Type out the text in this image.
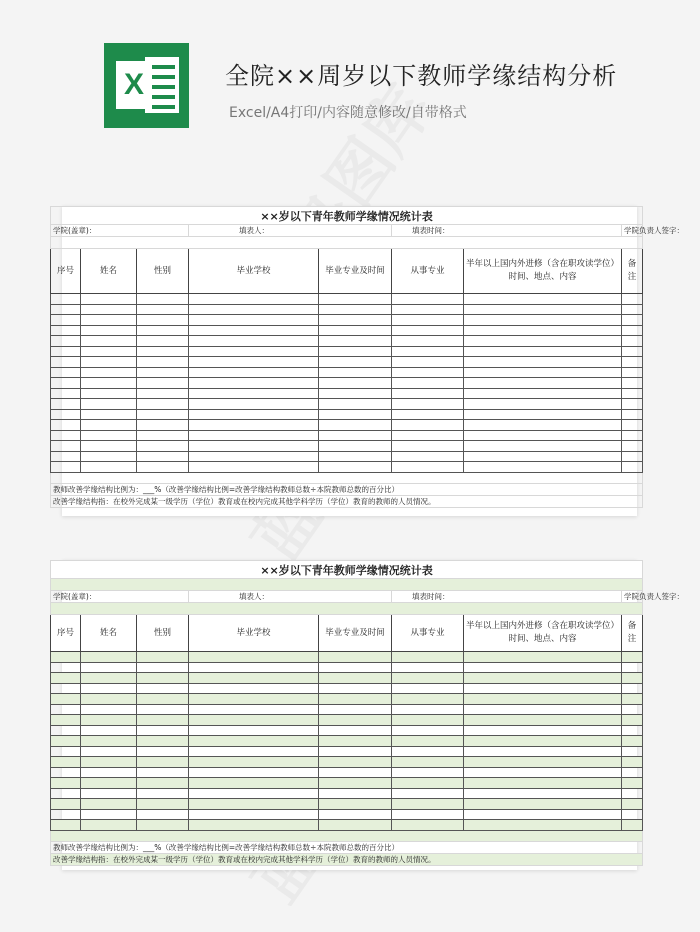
X	全院××周岁以下教师学缘结构分析
Excel/A4打印/内容随意修改/自带格式
××岁以下青年教师学缘情况统计表							
学院(盖章)：			填表人：		填表时间：		学院负责人签字：

序号	姓名	性别	毕业学校	毕业专业及时间	从事专业	半年以上国内外进修（含在职攻读学位）时间、地点、内容	备注

教师改善学缘结构比例为：___%（改善学缘结构比例=改善学缘结构教师总数÷本院教师总数的百分比）							
改善学缘结构指：在校外完成某一级学历（学位）教育或在校内完成其他学科学历（学位）教育的教师的人员情况。							
××岁以下青年教师学缘情况统计表							

学院(盖章)：			填表人：		填表时间：		学院负责人签字：

序号	姓名	性别	毕业学校	毕业专业及时间	从事专业	半年以上国内外进修（含在职攻读学位）时间、地点、内容	备注

教师改善学缘结构比例为：___%（改善学缘结构比例=改善学缘结构教师总数÷本院教师总数的百分比）							
改善学缘结构指：在校外完成某一级学历（学位）教育或在校内完成其他学科学历（学位）教育的教师的人员情况。							
